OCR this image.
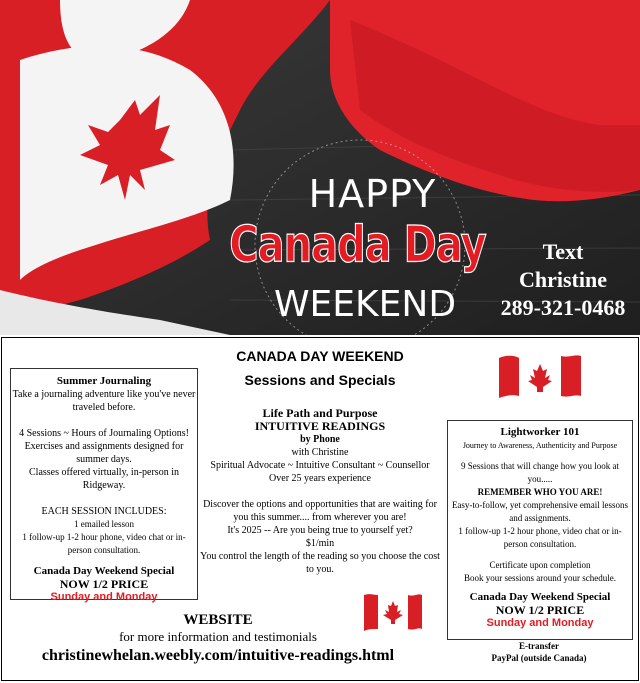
HAPPY
Canada Day
WEEKEND

Text

Christine

289-321-0468

CANADA DAY WEEKEND
Sessions and Specials

Summer Journaling

Take a journaling adventure like you've never traveled before.

4 Sessions ~ Hours of Journaling Options! Exercises and assignments designed for summer days.

Classes offered virtually, in-person in Ridgeway.

EACH SESSION INCLUDES:

1 emailed lesson

1 follow-up 1-2 hour phone, video chat or in-person consultation.

Canada Day Weekend Special

NOW 1/2 PRICE

Sunday and Monday

Life Path and Purpose

INTUITIVE READINGS

by Phone

with Christine

Spiritual Advocate ~ Intuitive Consultant ~ Counsellor

Over 25 years experience

Discover the options and opportunities that are waiting for you this summer.... from wherever you are!

It's 2025 -- Are you being true to yourself yet?

$1/min

You control the length of the reading so you choose the cost to you.

Lightworker 101

Journey to Awareness, Authenticity and Purpose

9 Sessions that will change how you look at you.....

REMEMBER WHO YOU ARE!

Easy-to-follow, yet comprehensive email lessons and assignments.

1 follow-up 1-2 hour phone, video chat or in-person consultation.

Certificate upon completion

Book your sessions around your schedule.

Canada Day Weekend Special

NOW 1/2 PRICE

Sunday and Monday

WEBSITE

for more information and testimonials

christinewhelan.weebly.com/intuitive-readings.html

E-transfer

PayPal (outside Canada)
